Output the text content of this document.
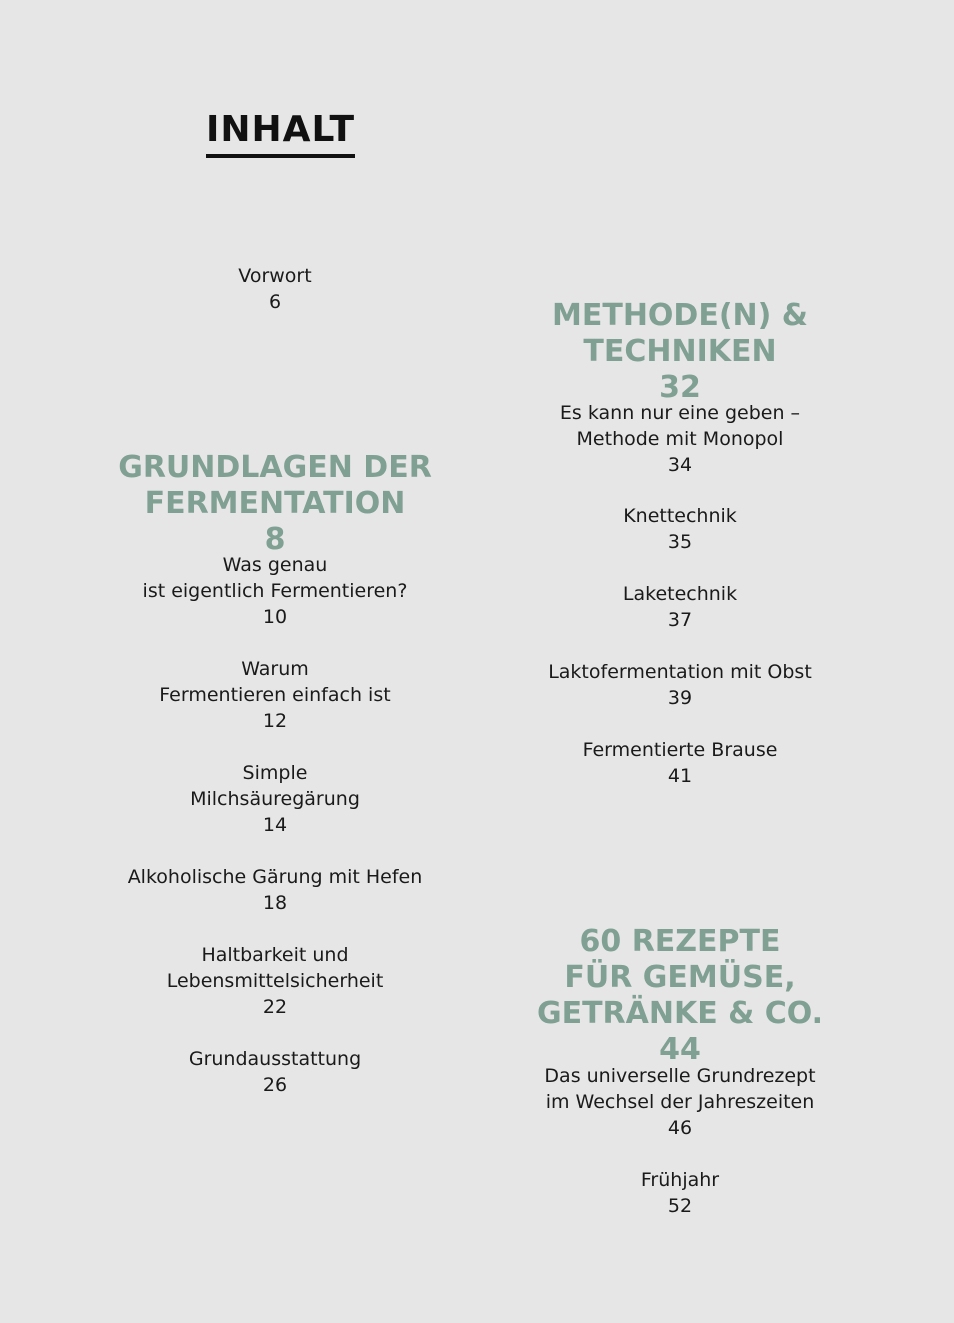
INHALT
Vorwort
6

GRUNDLAGEN DER
FERMENTATION

8

Was genau
ist eigentlich Fermentieren?
10
Warum
Fermentieren einfach ist
12
Simple
Milchsäuregärung
14
Alkoholische Gärung mit Hefen
18
Haltbarkeit und
Lebensmittelsicherheit
22
Grundausstattung
26

METHODE(N) &
TECHNIKEN

32

Es kann nur eine geben –
Methode mit Monopol
34
Knettechnik
35
Laketechnik
37
Laktofermentation mit Obst
39
Fermentierte Brause
41

60 REZEPTE
FÜR GEMÜSE,
GETRÄNKE & CO.

44

Das universelle Grundrezept
im Wechsel der Jahreszeiten
46
Frühjahr
52
